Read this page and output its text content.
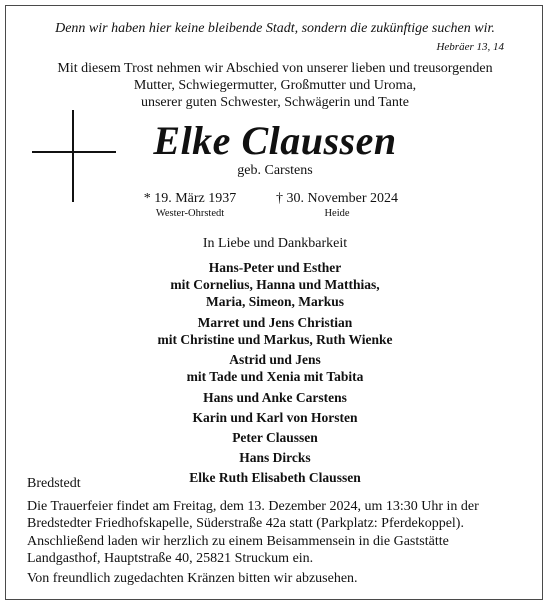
Denn wir haben hier keine bleibende Stadt, sondern die zukünftige suchen wir.
Hebräer 13, 14
Mit diesem Trost nehmen wir Abschied von unserer lieben und treusorgenden
Mutter, Schwiegermutter, Großmutter und Uroma,
unserer guten Schwester, Schwägerin und Tante
Elke Claussen
geb. Carstens
* 19. März 1937
Wester-Ohrstedt
† 30. November 2024
Heide
In Liebe und Dankbarkeit
Hans-Peter und Esther
mit Cornelius, Hanna und Matthias,
Maria, Simeon, Markus
Marret und Jens Christian
mit Christine und Markus, Ruth Wienke
Astrid und Jens
mit Tade und Xenia mit Tabita
Hans und Anke Carstens
Karin und Karl von Horsten
Peter Claussen
Hans Dircks
Elke Ruth Elisabeth Claussen
Bredstedt
Die Trauerfeier findet am Freitag, dem 13. Dezember 2024, um 13:30 Uhr in der
Bredstedter Friedhofskapelle, Süderstraße 42a statt (Parkplatz: Pferdekoppel).
Anschließend laden wir herzlich zu einem Beisammensein in die Gaststätte
Landgasthof, Hauptstraße 40, 25821 Struckum ein.
Von freundlich zugedachten Kränzen bitten wir abzusehen.
